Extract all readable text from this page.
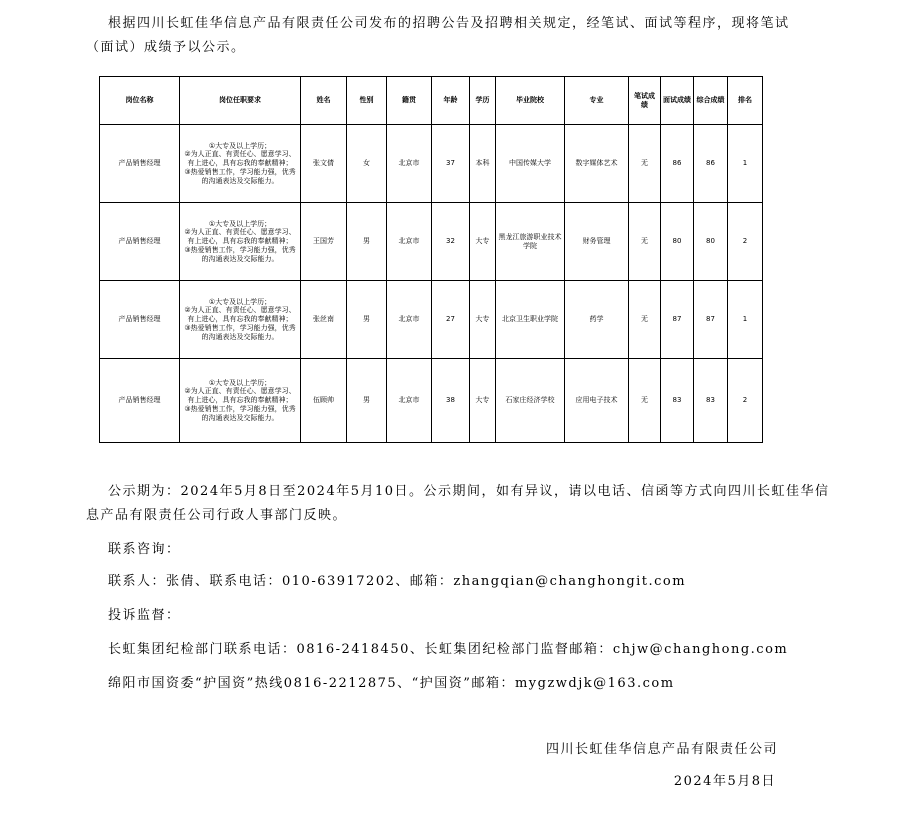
根据四川长虹佳华信息产品有限责任公司发布的招聘公告及招聘相关规定，经笔试、面试等程序，现将笔试
（面试）成绩予以公示。
岗位名称	岗位任职要求	姓名	性别	籍贯	年龄	学历	毕业院校	专业	笔试成绩	面试成绩	综合成绩	排名
产品销售经理	①大专及以上学历；
②为人正直、有责任心、愿意学习、有上进心，具有忘我的奉献精神；
③热爱销售工作，学习能力强，优秀的沟通表达及交际能力。	张文倩	女	北京市	37	本科	中国传媒大学	数字媒体艺术	无	86	86	1
产品销售经理	①大专及以上学历；
②为人正直、有责任心、愿意学习、有上进心，具有忘我的奉献精神；
③热爱销售工作，学习能力强，优秀的沟通表达及交际能力。	王国芳	男	北京市	32	大专	黑龙江旅游职业技术学院	财务管理	无	80	80	2
产品销售经理	①大专及以上学历；
②为人正直、有责任心、愿意学习、有上进心，具有忘我的奉献精神；
③热爱销售工作，学习能力强，优秀的沟通表达及交际能力。	张丝南	男	北京市	27	大专	北京卫生职业学院	药学	无	87	87	1
产品销售经理	①大专及以上学历；
②为人正直、有责任心、愿意学习、有上进心，具有忘我的奉献精神；
③热爱销售工作，学习能力强，优秀的沟通表达及交际能力。	伍顾帅	男	北京市	38	大专	石家庄经济学校	应用电子技术	无	83	83	2
公示期为：2024年5月8日至2024年5月10日。公示期间，如有异议，请以电话、信函等方式向四川长虹佳华信
息产品有限责任公司行政人事部门反映。
联系咨询：
联系人：张倩、联系电话：010-63917202、邮箱：zhangqian@changhongit.com
投诉监督：
长虹集团纪检部门联系电话：0816-2418450、长虹集团纪检部门监督邮箱：chjw@changhong.com
绵阳市国资委“护国资”热线0816-2212875、“护国资”邮箱：mygzwdjk@163.com
四川长虹佳华信息产品有限责任公司
2024年5月8日
